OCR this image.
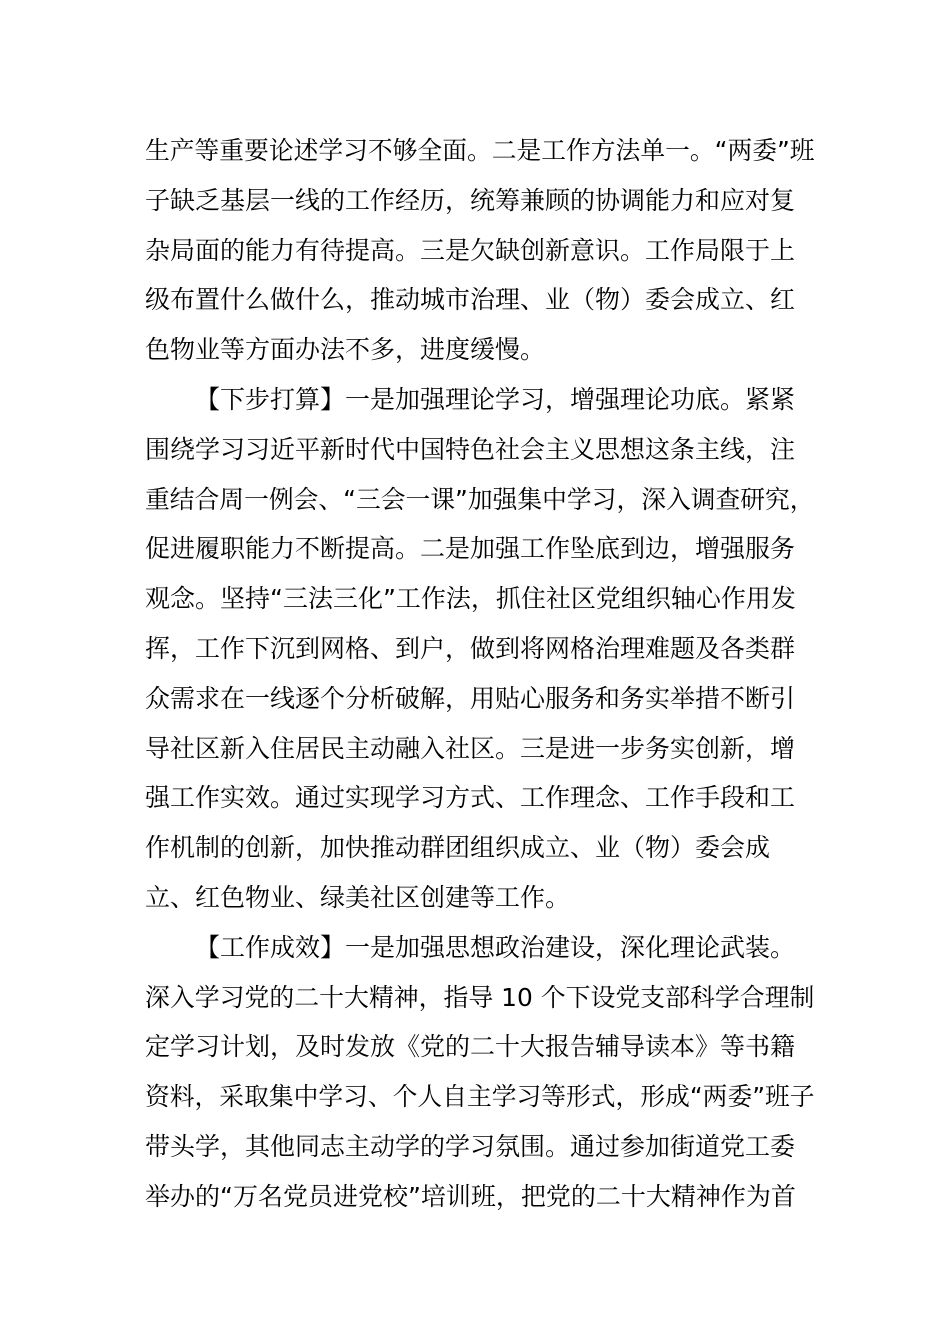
生产等重要论述学习不够全面。二是工作方法单一。“两委”班
子缺乏基层一线的工作经历，统筹兼顾的协调能力和应对复
杂局面的能力有待提高。三是欠缺创新意识。工作局限于上
级布置什么做什么，推动城市治理、业（物）委会成立、红
色物业等方面办法不多，进度缓慢。
【下步打算】一是加强理论学习，增强理论功底。紧紧
围绕学习习近平新时代中国特色社会主义思想这条主线，注
重结合周一例会、“三会一课”加强集中学习，深入调查研究，
促进履职能力不断提高。二是加强工作坠底到边，增强服务
观念。坚持“三法三化”工作法，抓住社区党组织轴心作用发
挥，工作下沉到网格、到户，做到将网格治理难题及各类群
众需求在一线逐个分析破解，用贴心服务和务实举措不断引
导社区新入住居民主动融入社区。三是进一步务实创新，增
强工作实效。通过实现学习方式、工作理念、工作手段和工
作机制的创新，加快推动群团组织成立、业（物）委会成
立、红色物业、绿美社区创建等工作。
【工作成效】一是加强思想政治建设，深化理论武装。
深入学习党的二十大精神，指导 10 个下设党支部科学合理制
定学习计划，及时发放《党的二十大报告辅导读本》等书籍
资料，采取集中学习、个人自主学习等形式，形成“两委”班子
带头学，其他同志主动学的学习氛围。通过参加街道党工委
举办的“万名党员进党校”培训班，把党的二十大精神作为首
